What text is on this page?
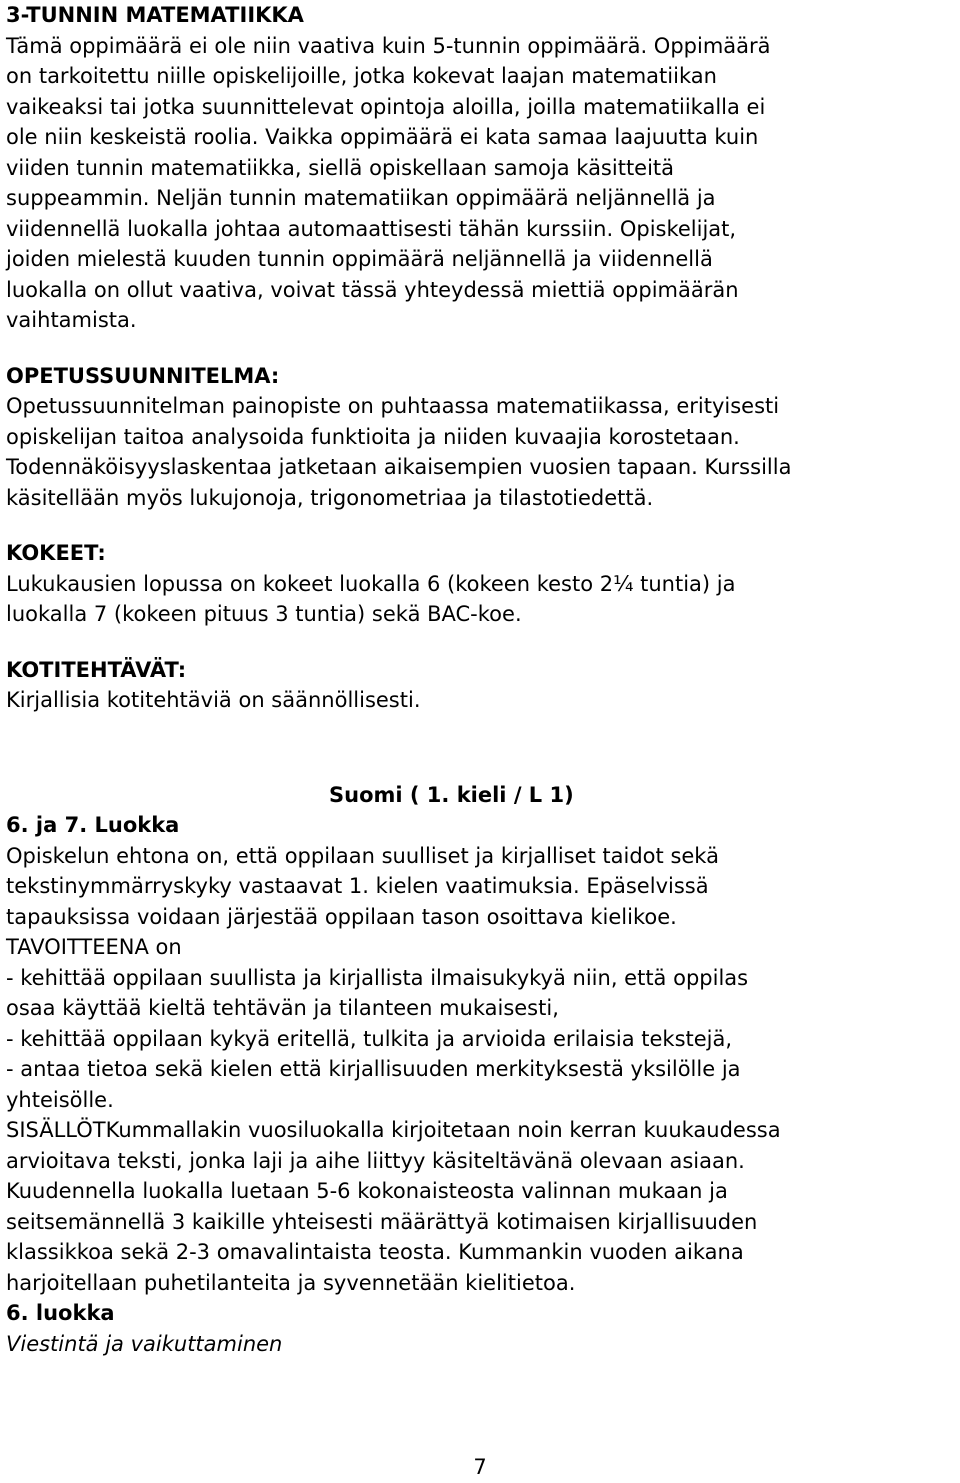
3-TUNNIN MATEMATIIKKA

Tämä oppimäärä ei ole niin vaativa kuin 5-tunnin oppimäärä. Oppimäärä

on tarkoitettu niille opiskelijoille, jotka kokevat laajan matematiikan

vaikeaksi tai jotka suunnittelevat opintoja aloilla, joilla matematiikalla ei

ole niin keskeistä roolia. Vaikka oppimäärä ei kata samaa laajuutta kuin

viiden tunnin matematiikka, siellä opiskellaan samoja käsitteitä

suppeammin. Neljän tunnin matematiikan oppimäärä neljännellä ja

viidennellä luokalla johtaa automaattisesti tähän kurssiin. Opiskelijat,

joiden mielestä kuuden tunnin oppimäärä neljännellä ja viidennellä

luokalla on ollut vaativa, voivat tässä yhteydessä miettiä oppimäärän

vaihtamista.

OPETUSSUUNNITELMA:

Opetussuunnitelman painopiste on puhtaassa matematiikassa, erityisesti

opiskelijan taitoa analysoida funktioita ja niiden kuvaajia korostetaan.

Todennäköisyyslaskentaa jatketaan aikaisempien vuosien tapaan. Kurssilla

käsitellään myös lukujonoja, trigonometriaa ja tilastotiedettä.

KOKEET:

Lukukausien lopussa on kokeet luokalla 6 (kokeen kesto 2¼ tuntia) ja

luokalla 7 (kokeen pituus 3 tuntia) sekä BAC-koe.

KOTITEHTÄVÄT:

Kirjallisia kotitehtäviä on säännöllisesti.

Suomi ( 1. kieli / L 1)

6. ja 7. Luokka

Opiskelun ehtona on, että oppilaan suulliset ja kirjalliset taidot sekä

tekstinymmärryskyky vastaavat 1. kielen vaatimuksia. Epäselvissä

tapauksissa voidaan järjestää oppilaan tason osoittava kielikoe.

TAVOITTEENA on

- kehittää oppilaan suullista ja kirjallista ilmaisukykyä niin, että oppilas

osaa käyttää kieltä tehtävän ja tilanteen mukaisesti,

- kehittää oppilaan kykyä eritellä, tulkita ja arvioida erilaisia tekstejä,

- antaa tietoa sekä kielen että kirjallisuuden merkityksestä yksilölle ja

yhteisölle.

SISÄLLÖTKummallakin vuosiluokalla kirjoitetaan noin kerran kuukaudessa

arvioitava teksti, jonka laji ja aihe liittyy käsiteltävänä olevaan asiaan.

Kuudennella luokalla luetaan 5-6 kokonaisteosta valinnan mukaan ja

seitsemännellä 3 kaikille yhteisesti määrättyä kotimaisen kirjallisuuden

klassikkoa sekä 2-3 omavalintaista teosta. Kummankin vuoden aikana

harjoitellaan puhetilanteita ja syvennetään kielitietoa.

6. luokka

Viestintä ja vaikuttaminen

7
